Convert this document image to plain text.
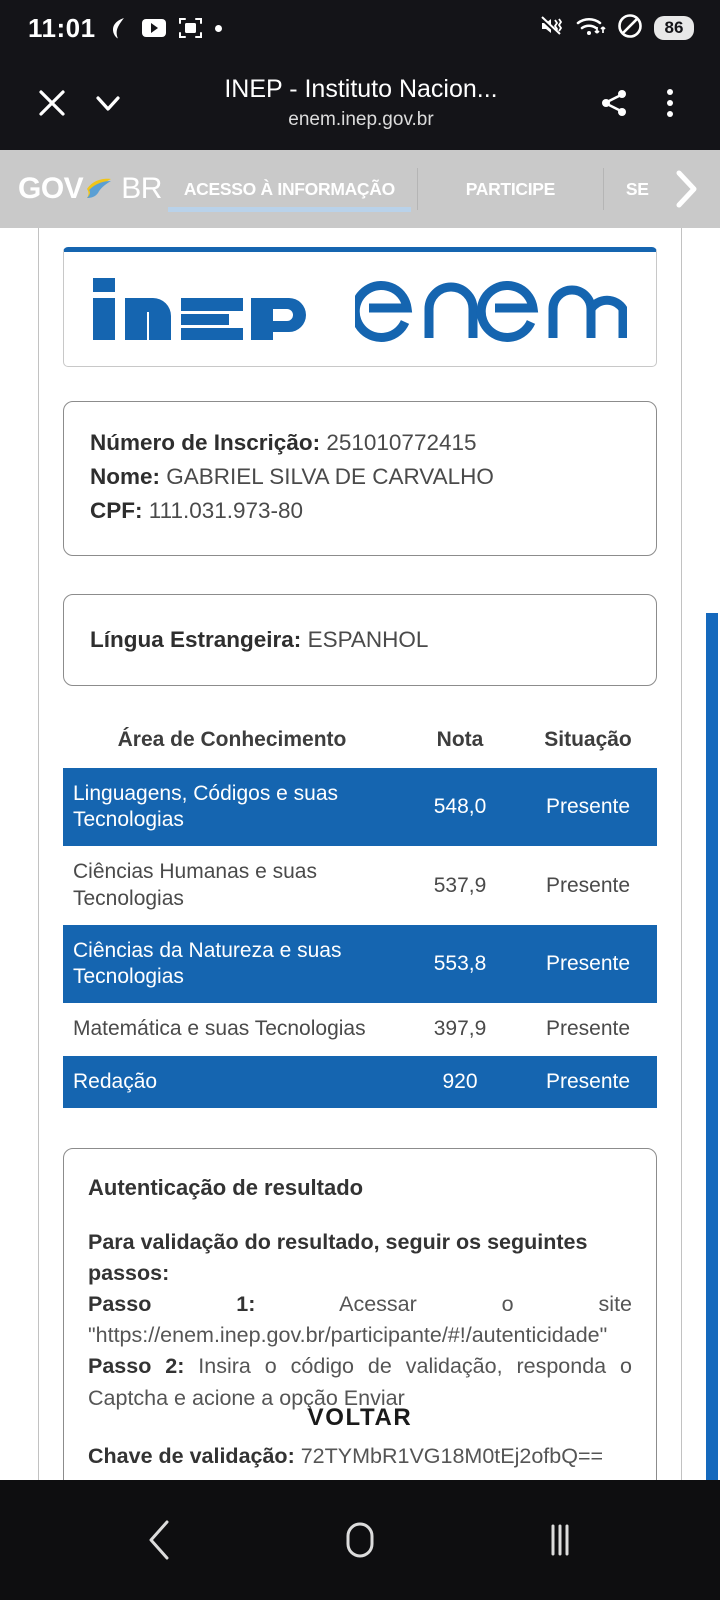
11:01	86
INEP - Instituto Nacion...
enem.inep.gov.br
GOV BR ACESSO À INFORMAÇÃO	PARTICIPE	SE
Número de Inscrição: 251010772415
Nome: GABRIEL SILVA DE CARVALHO
CPF: 111.031.973-80
Língua Estrangeira: ESPANHOL
Área de Conhecimento	Nota	Situação
Linguagens, Códigos e suas Tecnologias	548,0	Presente
Ciências Humanas e suas Tecnologias	537,9	Presente
Ciências da Natureza e suas Tecnologias	553,8	Presente
Matemática e suas Tecnologias	397,9	Presente
Redação	920	Presente
Autenticação de resultado
Para validação do resultado, seguir os seguintes passos:
Passo 1:	Acessar o site
"https://enem.inep.gov.br/participante/#!/autenticidade"
Passo 2: Insira o código de validação, responda o Captcha e acione a opção Enviar
Chave de validação: 72TYMbR1VG18M0tEj2ofbQ==
VOLTAR
